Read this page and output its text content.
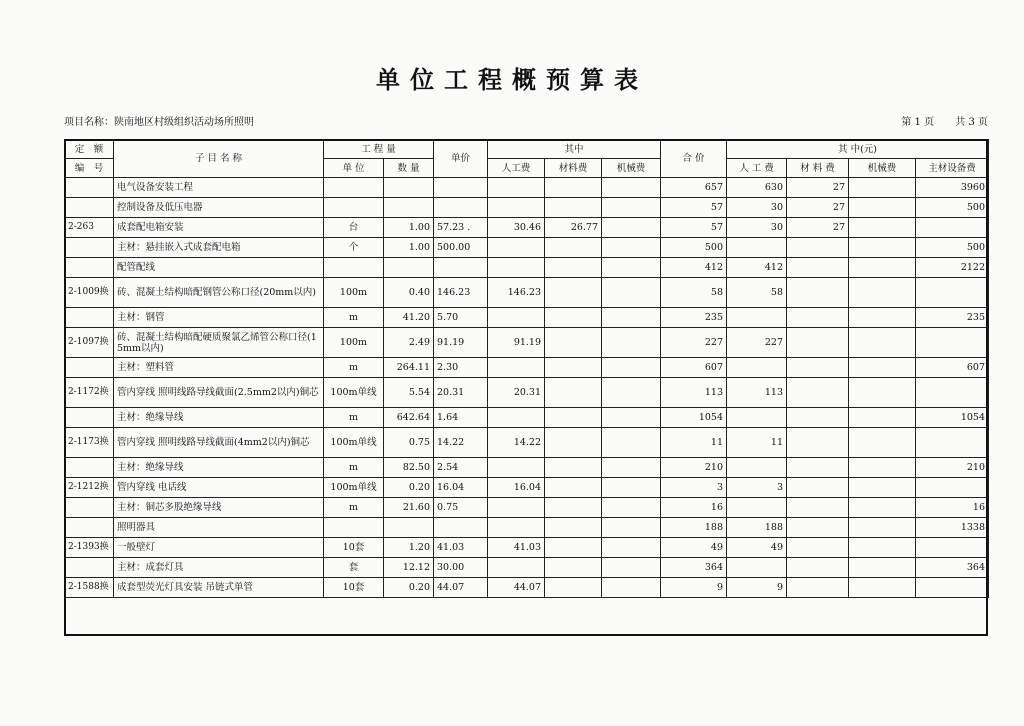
单位工程概预算表
项目名称：陕南地区村级组织活动场所照明	第 1 页 共 3 页
定　额	子 目 名 称	工 程 量		单价	其中			合 价	其 中(元)			
编　号		单 位	数 量		人工费	材料费	机械费		人 工 费	材 料 费	机械费	主材设备费
	电气设备安装工程							657	630	27		3960
	控制设备及低压电器							57	30	27		500
2-263	成套配电箱安装	台	1.00	57.23 .	30.46	26.77		57	30	27		
	主材：悬挂嵌入式成套配电箱	个	1.00	500.00				500				500
	配管配线							412	412			2122
2-1009换	砖、混凝土结构暗配钢管公称口径(20mm以内)	100m	0.40	146.23	146.23			58	58			
	主材：钢管	m	41.20	5.70				235				235
2-1097换	砖、混凝土结构暗配硬质聚氯乙烯管公称口径(15mm以内)	100m	2.49	91.19	91.19			227	227			
	主材：塑料管	m	264.11	2.30				607				607
2-1172换	管内穿线 照明线路导线截面(2.5mm2以内)铜芯	100m单线	5.54	20.31	20.31			113	113			
	主材：绝缘导线	m	642.64	1.64				1054				1054
2-1173换	管内穿线 照明线路导线截面(4mm2以内)铜芯	100m单线	0.75	14.22	14.22			11	11			
	主材：绝缘导线	m	82.50	2.54				210				210
2-1212换	管内穿线 电话线	100m单线	0.20	16.04	16.04			3	3			
	主材：铜芯多股绝缘导线	m	21.60	0.75				16				16
	照明器具							188	188			1338
2-1393换	一般壁灯	10套	1.20	41.03	41.03			49	49			
	主材：成套灯具	套	12.12	30.00				364				364
2-1588换	成套型荧光灯具安装 吊链式单管	10套	0.20	44.07	44.07			9	9			
